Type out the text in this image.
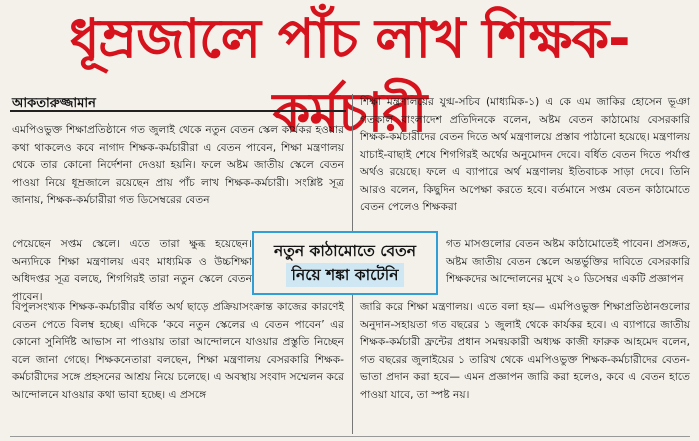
ধূম্রজালে পাঁচ লাখ শিক্ষক-কর্মচারী
আকতারুজ্জামান

এমপিওভুক্ত শিক্ষাপ্রতিষ্ঠানে গত জুলাই থেকে নতুন বেতন স্কেল কার্যকর হওয়ার কথা থাকলেও কবে নাগাদ শিক্ষক-কর্মচারীরা এ বেতন পাবেন, শিক্ষা মন্ত্রণালয় থেকে তার কোনো নির্দেশনা দেওয়া হয়নি। ফলে অষ্টম জাতীয় স্কেলে বেতন পাওয়া নিয়ে ধূম্রজালে রয়েছেন প্রায় পাঁচ লাখ শিক্ষক-কর্মচারী। সংশ্লিষ্ট সূত্র জানায়, শিক্ষক-কর্মচারীরা গত ডিসেম্বরের বেতন

পেয়েছেন সপ্তম স্কেলে। এতে তারা ক্ষুব্ধ হয়েছেন। অন্যদিকে শিক্ষা মন্ত্রণালয় এবং মাধ্যমিক ও উচ্চশিক্ষা অধিদপ্তর সূত্র বলছে, শিগগিরই তারা নতুন স্কেলে বেতন পাবেন।

বিপুলসংখ্যক শিক্ষক-কর্মচারীর বর্ধিত অর্থ ছাড়ে প্রক্রিয়াসংক্রান্ত কাজের কারণেই বেতন পেতে বিলম্ব হচ্ছে। এদিকে ‘কবে নতুন স্কেলের এ বেতন পাবেন’ এর কোনো সুনির্দিষ্ট আভাস না পাওয়ায় তারা আন্দোলনে যাওয়ার প্রস্তুতি নিচ্ছেন বলে জানা গেছে। শিক্ষকনেতারা বলছেন, শিক্ষা মন্ত্রণালয় বেসরকারি শিক্ষক-কর্মচারীদের সঙ্গে প্রহসনের আশ্রয় নিয়ে চলেছে। এ অবস্থায় সংবাদ সম্মেলন করে আন্দোলনে যাওয়ার কথা ভাবা হচ্ছে। এ প্রসঙ্গে

শিক্ষা মন্ত্রণালয়ের যুগ্ম-সচিব (মাধ্যমিক-১) এ কে এম জাকির হোসেন ভূঞা গতকাল বাংলাদেশ প্রতিদিনকে বলেন, অষ্টম বেতন কাঠামোয় বেসরকারি শিক্ষক-কর্মচারীদের বেতন দিতে অর্থ মন্ত্রণালয়ে প্রস্তাব পাঠানো হয়েছে। মন্ত্রণালয় যাচাই-বাছাই শেষে শিগগিরই অর্থের অনুমোদন দেবে। বর্ধিত বেতন দিতে পর্যাপ্ত অর্থও রয়েছে। ফলে এ ব্যাপারে অর্থ মন্ত্রণালয় ইতিবাচক সাড়া দেবে। তিনি আরও বলেন, কিছুদিন অপেক্ষা করতে হবে। বর্তমানে সপ্তম বেতন কাঠামোতে বেতন পেলেও শিক্ষকরা

গত মাসগুলোর বেতন অষ্টম কাঠামোতেই পাবেন। প্রসঙ্গত, অষ্টম জাতীয় বেতন স্কেলে অন্তর্ভুক্তির দাবিতে বেসরকারি শিক্ষকদের আন্দোলনের মুখে ২০ ডিসেম্বর একটি প্রজ্ঞাপন

জারি করে শিক্ষা মন্ত্রণালয়। এতে বলা হয়— এমপিওভুক্ত শিক্ষাপ্রতিষ্ঠানগুলোর অনুদান-সহায়তা গত বছরের ১ জুলাই থেকে কার্যকর হবে। এ ব্যাপারে জাতীয় শিক্ষক-কর্মচারী ফ্রন্টের প্রধান সমন্বয়কারী অধ্যক্ষ কাজী ফারুক আহমেদ বলেন, গত বছরের জুলাইয়ের ১ তারিখ থেকে এমপিওভুক্ত শিক্ষক-কর্মচারীদের বেতন-ভাতা প্রদান করা হবে— এমন প্রজ্ঞাপন জারি করা হলেও, কবে এ বেতন হাতে পাওয়া যাবে, তা স্পষ্ট নয়।

নতুন কাঠামোতে বেতন
নিয়ে শঙ্কা কাটেনি
